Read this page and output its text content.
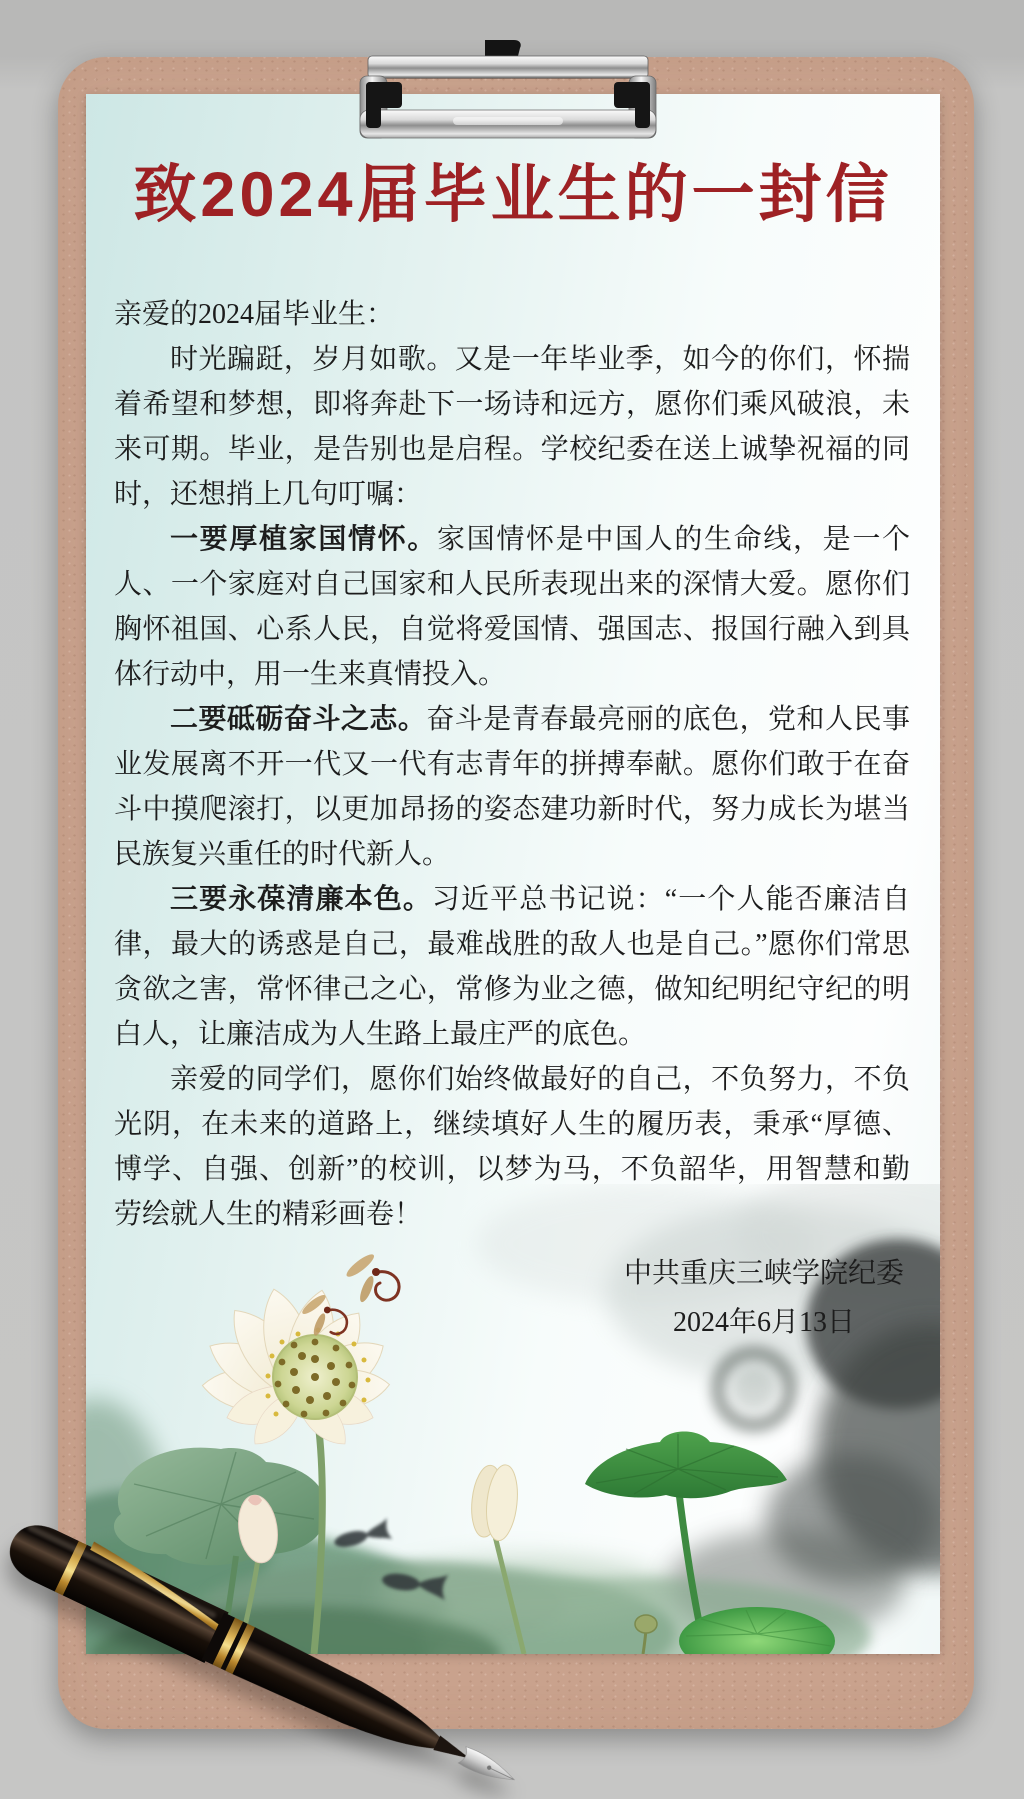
致2024届毕业生的一封信

亲爱的2024届毕业生：

时光蹁跹，岁月如歌。又是一年毕业季，如今的你们，怀揣着希望和梦想，即将奔赴下一场诗和远方，愿你们乘风破浪，未来可期。毕业，是告别也是启程。学校纪委在送上诚挚祝福的同时，还想捎上几句叮嘱：

一要厚植家国情怀。家国情怀是中国人的生命线，是一个人、一个家庭对自己国家和人民所表现出来的深情大爱。愿你们胸怀祖国、心系人民，自觉将爱国情、强国志、报国行融入到具体行动中，用一生来真情投入。

二要砥砺奋斗之志。奋斗是青春最亮丽的底色，党和人民事业发展离不开一代又一代有志青年的拼搏奉献。愿你们敢于在奋斗中摸爬滚打，以更加昂扬的姿态建功新时代，努力成长为堪当民族复兴重任的时代新人。

三要永葆清廉本色。习近平总书记说：“一个人能否廉洁自律，最大的诱惑是自己，最难战胜的敌人也是自己。”愿你们常思贪欲之害，常怀律己之心，常修为业之德，做知纪明纪守纪的明白人，让廉洁成为人生路上最庄严的底色。

亲爱的同学们，愿你们始终做最好的自己，不负努力，不负光阴，在未来的道路上，继续填好人生的履历表，秉承“厚德、博学、自强、创新”的校训，以梦为马，不负韶华，用智慧和勤劳绘就人生的精彩画卷！

中共重庆三峡学院纪委
2024年6月13日
